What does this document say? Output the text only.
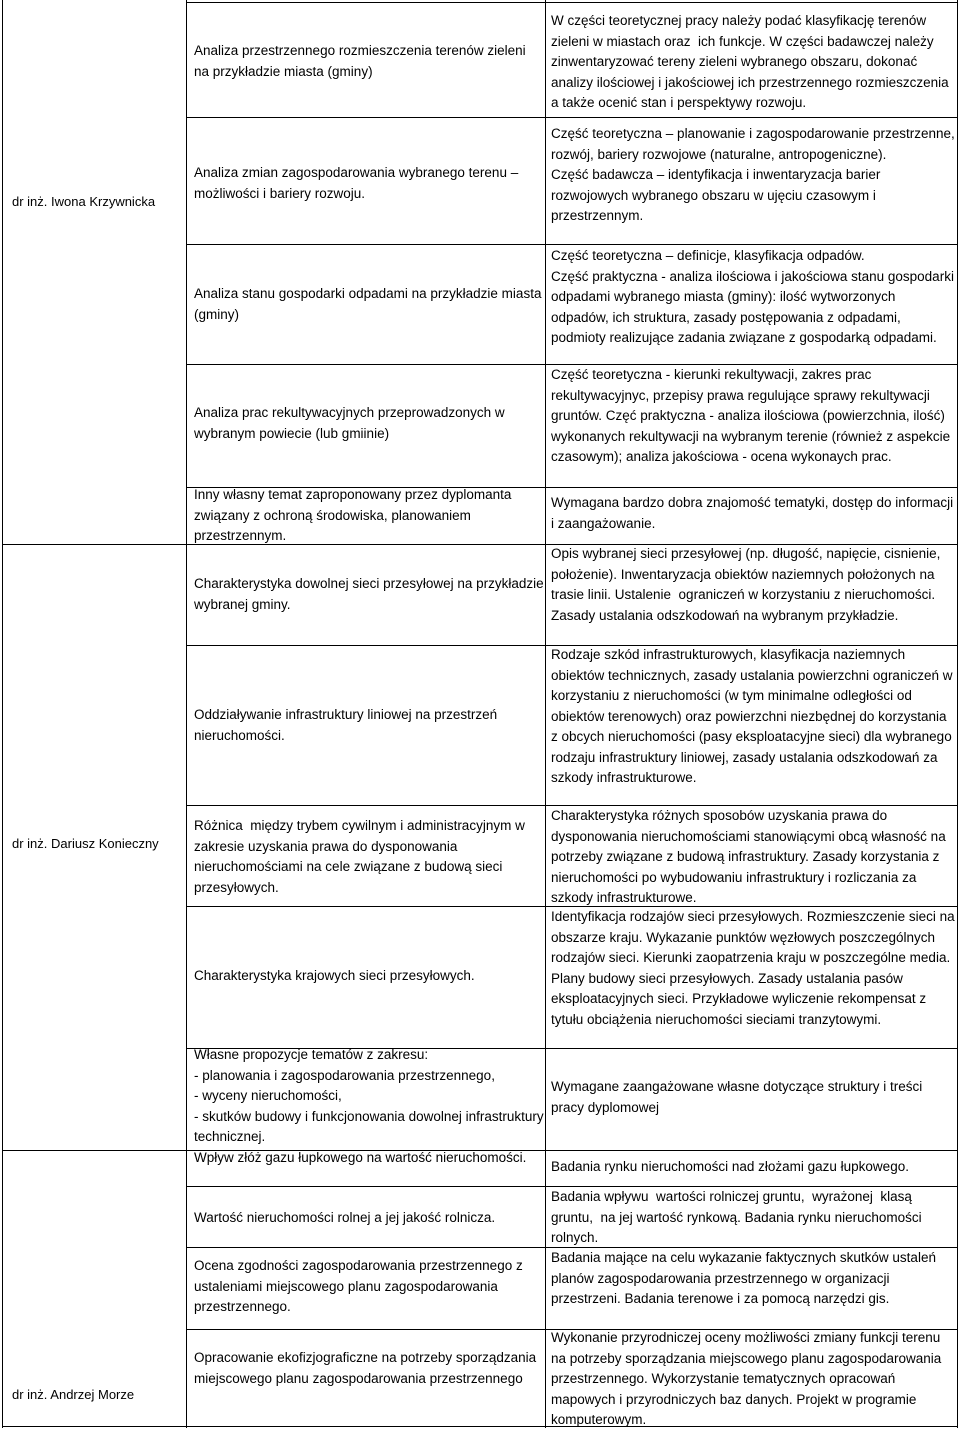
dr inż. Iwona Krzywnicka
dr inż. Dariusz Konieczny
dr inż. Andrzej Morze
Analiza przestrzennego rozmieszczenia terenów zieleni na przykładzie miasta (gminy)
W części teoretycznej pracy należy podać klasyfikację terenów zieleni w miastach oraz  ich funkcje. W części badawczej należy zinwentaryzować tereny zieleni wybranego obszaru, dokonać analizy ilościowej i jakościowej ich przestrzennego rozmieszczenia a także ocenić stan i perspektywy rozwoju.
Analiza zmian zagospodarowania wybranego terenu – możliwości i bariery rozwoju.
Część teoretyczna – planowanie i zagospodarowanie przestrzenne, rozwój, bariery rozwojowe (naturalne, antropogeniczne).
Część badawcza – identyfikacja i inwentaryzacja barier rozwojowych wybranego obszaru w ujęciu czasowym i przestrzennym.
Analiza stanu gospodarki odpadami na przykładzie miasta (gminy)
Część teoretyczna – definicje, klasyfikacja odpadów.
Część praktyczna - analiza ilościowa i jakościowa stanu gospodarki odpadami wybranego miasta (gminy): ilość wytworzonych odpadów, ich struktura, zasady postępowania z odpadami, podmioty realizujące zadania związane z gospodarką odpadami.
Analiza prac rekultywacyjnych przeprowadzonych w wybranym powiecie (lub gmiinie)
Część teoretyczna - kierunki rekultywacji, zakres prac rekultywacyjnyc, przepisy prawa regulujące sprawy rekultywacji gruntów. Częć praktyczna - analiza ilościowa (powierzchnia, ilość) wykonanych rekultywacji na wybranym terenie (również z aspekcie czasowym); analiza jakościowa - ocena wykonaych prac.
Inny własny temat zaproponowany przez dyplomanta związany z ochroną środowiska, planowaniem przestrzennym.
Wymagana bardzo dobra znajomość tematyki, dostęp do informacji i zaangażowanie.
Charakterystyka dowolnej sieci przesyłowej na przykładzie  wybranej gminy.
Opis wybranej sieci przesyłowej (np. długość, napięcie, cisnienie, położenie). Inwentaryzacja obiektów naziemnych położonych na trasie linii. Ustalenie  ograniczeń w korzystaniu z nieruchomości. Zasady ustalania odszkodowań na wybranym przykładzie.
Oddziaływanie infrastruktury liniowej na przestrzeń nieruchomości.
Rodzaje szkód infrastrukturowych, klasyfikacja naziemnych obiektów technicznych, zasady ustalania powierzchni ograniczeń w korzystaniu z nieruchomości (w tym minimalne odległości od obiektów terenowych) oraz powierzchni niezbędnej do korzystania z obcych nieruchomości (pasy eksploatacyjne sieci) dla wybranego rodzaju infrastruktury liniowej, zasady ustalania odszkodowań za szkody infrastrukturowe.
Różnica  między trybem cywilnym i administracyjnym w zakresie uzyskania prawa do dysponowania nieruchomościami na cele związane z budową sieci przesyłowych.
Charakterystyka różnych sposobów uzyskania prawa do dysponowania nieruchomościami stanowiącymi obcą własność na potrzeby związane z budową infrastruktury. Zasady korzystania z nieruchomości po wybudowaniu infrastruktury i rozliczania za szkody infrastrukturowe.
Charakterystyka krajowych sieci przesyłowych.
Identyfikacja rodzajów sieci przesyłowych. Rozmieszczenie sieci na obszarze kraju. Wykazanie punktów węzłowych poszczególnych rodzajów sieci. Kierunki zaopatrzenia kraju w poszczególne media. Plany budowy sieci przesyłowych. Zasady ustalania pasów eksploatacyjnych sieci. Przykładowe wyliczenie rekompensat z tytułu obciążenia nieruchomości sieciami tranzytowymi.
Własne propozycje tematów z zakresu:
- planowania i zagospodarowania przestrzennego,
- wyceny nieruchomości,
- skutków budowy i funkcjonowania dowolnej infrastruktury technicznej.
Wymagane zaangażowane własne dotyczące struktury i treści pracy dyplomowej
Wpływ złóż gazu łupkowego na wartość nieruchomości.
Badania rynku nieruchomości nad złożami gazu łupkowego.
Wartość nieruchomości rolnej a jej jakość rolnicza.
Badania wpływu  wartości rolniczej gruntu,  wyrażonej  klasą gruntu,  na jej wartość rynkową. Badania rynku nieruchomości rolnych.
Ocena zgodności zagospodarowania przestrzennego z ustaleniami miejscowego planu zagospodarowania przestrzennego.
Badania mające na celu wykazanie faktycznych skutków ustaleń planów zagospodarowania przestrzennego w organizacji przestrzeni. Badania terenowe i za pomocą narzędzi gis.
Opracowanie ekofizjograficzne na potrzeby sporządzania miejscowego planu zagospodarowania przestrzennego
Wykonanie przyrodniczej oceny możliwości zmiany funkcji terenu  na potrzeby sporządzania miejscowego planu zagospodarowania przestrzennego. Wykorzystanie tematycznych opracowań mapowych i przyrodniczych baz danych. Projekt w programie komputerowym.
